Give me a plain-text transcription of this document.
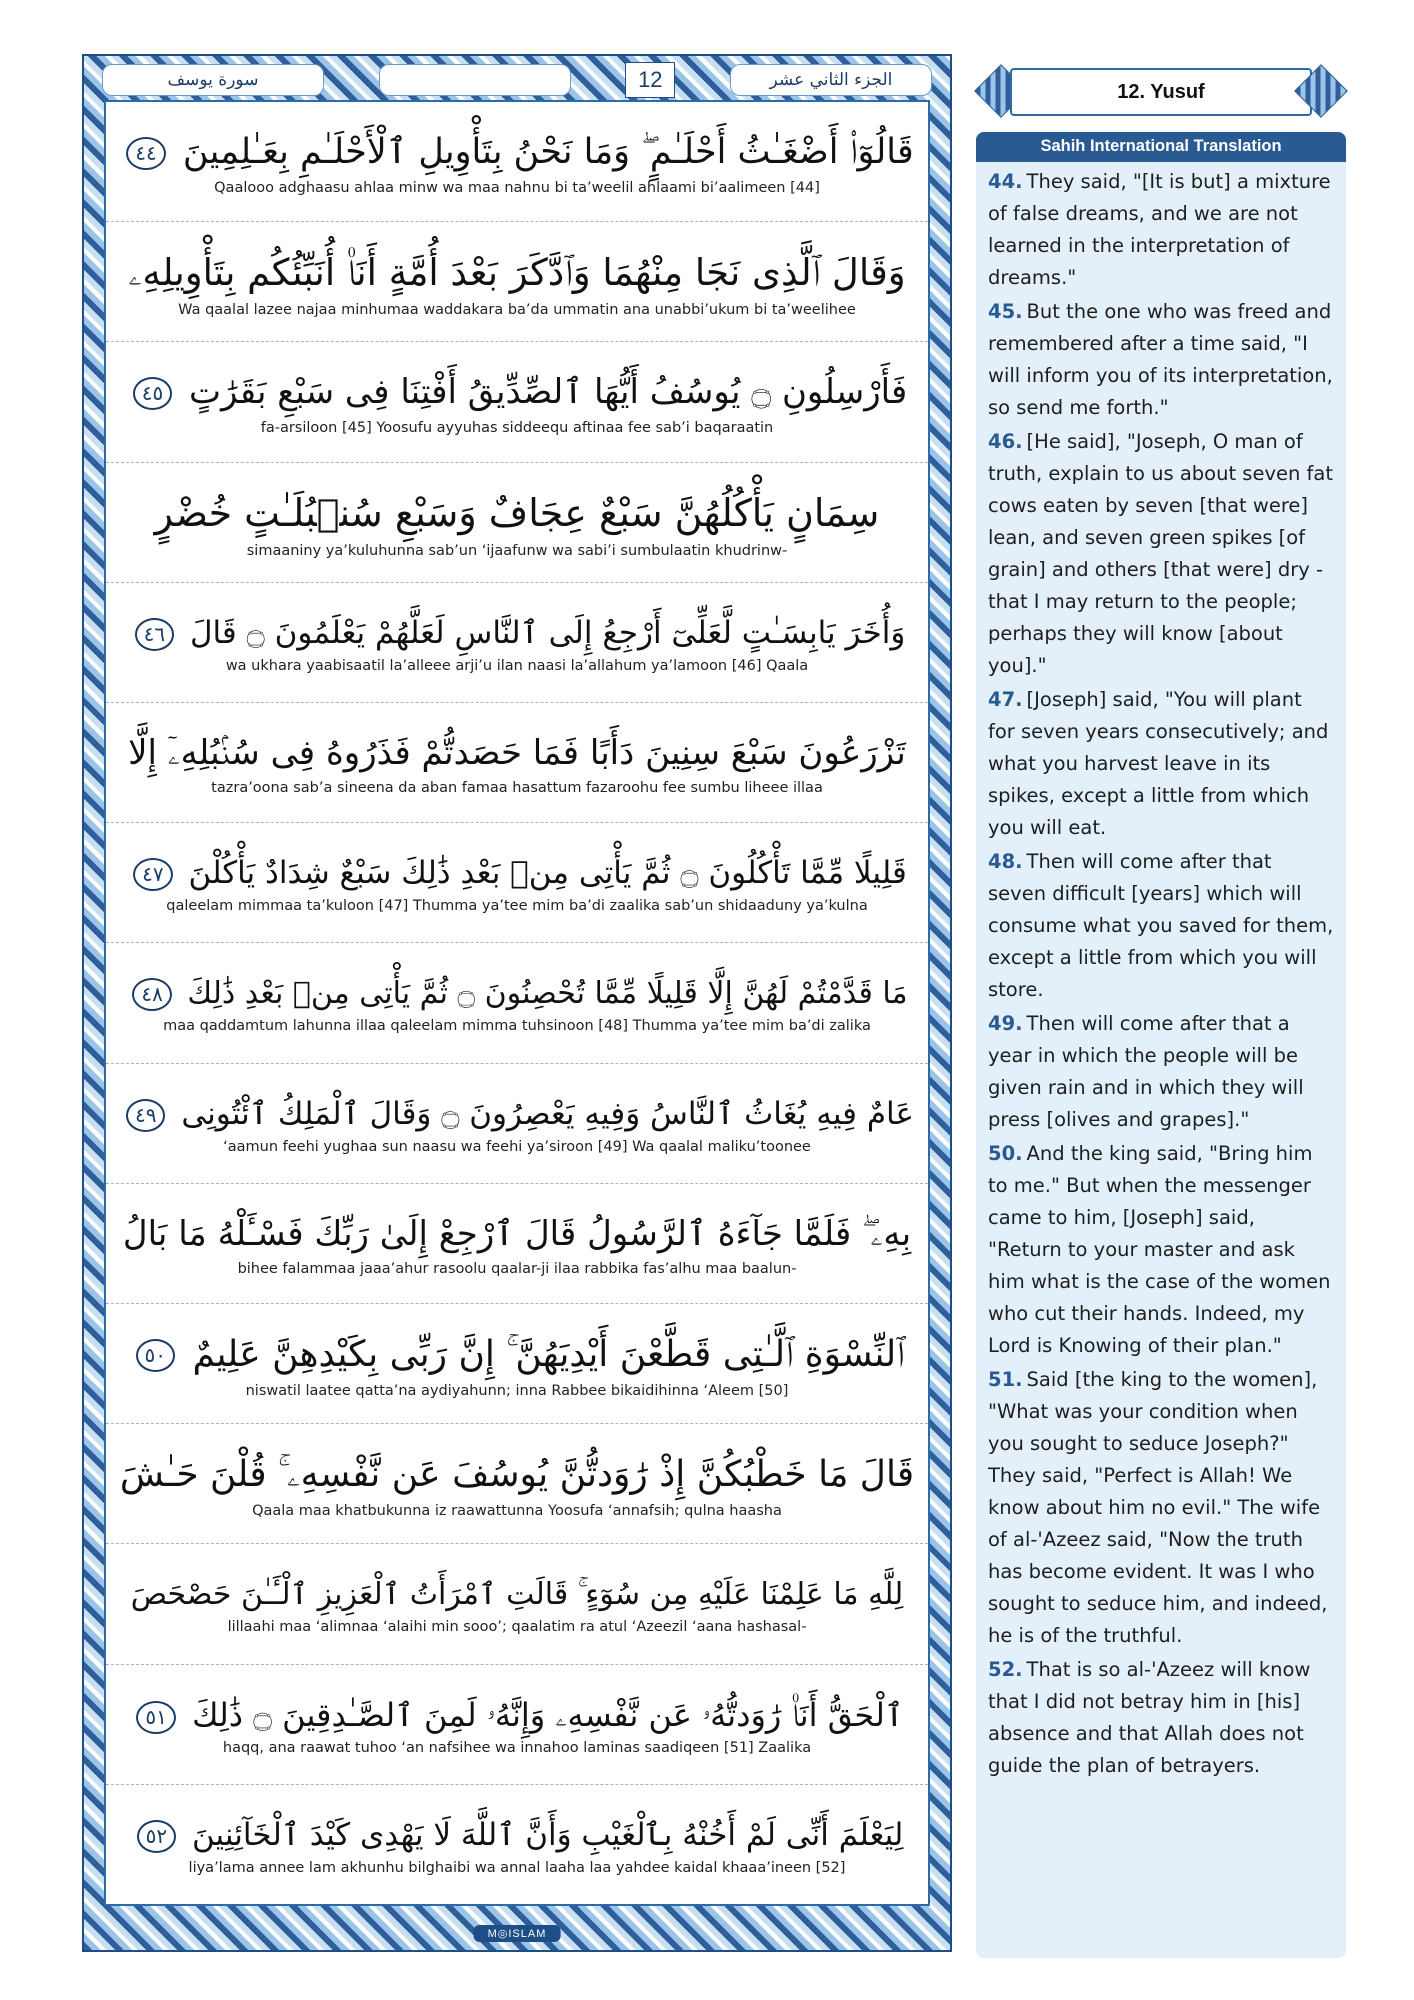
سورة يوسف	12	الجزء الثاني عشر
قَالُوٓا۟ أَضْغَـٰثُ أَحْلَـٰمٍ ۖ وَمَا نَحْنُ بِتَأْوِيلِ ٱلْأَحْلَـٰمِ بِعَـٰلِمِينَ ٤٤
Qaalooo adghaasu ahlaa minw wa maa nahnu bi ta’weelil ahlaami bi’aalimeen [44]
وَقَالَ ٱلَّذِى نَجَا مِنْهُمَا وَٱدَّكَرَ بَعْدَ أُمَّةٍ أَنَا۠ أُنَبِّئُكُم بِتَأْوِيلِهِۦ
Wa qaalal lazee najaa minhumaa waddakara ba’da ummatin ana unabbi’ukum bi ta’weelihee
فَأَرْسِلُونِ ۝ يُوسُفُ أَيُّهَا ٱلصِّدِّيقُ أَفْتِنَا فِى سَبْعِ بَقَرَٰتٍ ٤٥
fa-arsiloon [45] Yoosufu ayyuhas siddeequ aftinaa fee sab’i baqaraatin
سِمَانٍ يَأْكُلُهُنَّ سَبْعٌ عِجَافٌ وَسَبْعِ سُنۢبُلَـٰتٍ خُضْرٍ
simaaniny ya’kuluhunna sab’un ‘ijaafunw wa sabi’i sumbulaatin khudrinw-
وَأُخَرَ يَابِسَـٰتٍ لَّعَلِّىٓ أَرْجِعُ إِلَى ٱلنَّاسِ لَعَلَّهُمْ يَعْلَمُونَ ۝ قَالَ ٤٦
wa ukhara yaabisaatil la’alleee arji’u ilan naasi la’allahum ya’lamoon [46] Qaala
تَزْرَعُونَ سَبْعَ سِنِينَ دَأَبًا فَمَا حَصَدتُّمْ فَذَرُوهُ فِى سُنۢبُلِهِۦٓ إِلَّا
tazra’oona sab’a sineena da aban famaa hasattum fazaroohu fee sumbu liheee illaa
قَلِيلًا مِّمَّا تَأْكُلُونَ ۝ ثُمَّ يَأْتِى مِنۢ بَعْدِ ذَٰلِكَ سَبْعٌ شِدَادٌ يَأْكُلْنَ ٤٧
qaleelam mimmaa ta’kuloon [47] Thumma ya’tee mim ba’di zaalika sab’un shidaaduny ya’kulna
مَا قَدَّمْتُمْ لَهُنَّ إِلَّا قَلِيلًا مِّمَّا تُحْصِنُونَ ۝ ثُمَّ يَأْتِى مِنۢ بَعْدِ ذَٰلِكَ ٤٨
maa qaddamtum lahunna illaa qaleelam mimma tuhsinoon [48] Thumma ya’tee mim ba’di zalika
عَامٌ فِيهِ يُغَاثُ ٱلنَّاسُ وَفِيهِ يَعْصِرُونَ ۝ وَقَالَ ٱلْمَلِكُ ٱئْتُونِى ٤٩
‘aamun feehi yughaa sun naasu wa feehi ya’siroon [49] Wa qaalal maliku’toonee
بِهِۦ ۖ فَلَمَّا جَآءَهُ ٱلرَّسُولُ قَالَ ٱرْجِعْ إِلَىٰ رَبِّكَ فَسْـَٔلْهُ مَا بَالُ
bihee falammaa jaaa’ahur rasoolu qaalar-ji ilaa rabbika fas’alhu maa baalun-
ٱلنِّسْوَةِ ٱلَّـٰتِى قَطَّعْنَ أَيْدِيَهُنَّ ۚ إِنَّ رَبِّى بِكَيْدِهِنَّ عَلِيمٌ ٥٠
niswatil laatee qatta’na aydiyahunn; inna Rabbee bikaidihinna ‘Aleem [50]
قَالَ مَا خَطْبُكُنَّ إِذْ رَٰوَدتُّنَّ يُوسُفَ عَن نَّفْسِهِۦ ۚ قُلْنَ حَـٰشَ
Qaala maa khatbukunna iz raawattunna Yoosufa ‘annafsih; qulna haasha
لِلَّهِ مَا عَلِمْنَا عَلَيْهِ مِن سُوٓءٍ ۚ قَالَتِ ٱمْرَأَتُ ٱلْعَزِيزِ ٱلْـَٔـٰنَ حَصْحَصَ
lillaahi maa ‘alimnaa ‘alaihi min sooo’; qaalatim ra atul ‘Azeezil ‘aana hashasal-
ٱلْحَقُّ أَنَا۠ رَٰوَدتُّهُۥ عَن نَّفْسِهِۦ وَإِنَّهُۥ لَمِنَ ٱلصَّـٰدِقِينَ ۝ ذَٰلِكَ ٥١
haqq, ana raawat tuhoo ‘an nafsihee wa innahoo laminas saadiqeen [51] Zaalika
لِيَعْلَمَ أَنِّى لَمْ أَخُنْهُ بِٱلْغَيْبِ وَأَنَّ ٱللَّهَ لَا يَهْدِى كَيْدَ ٱلْخَآئِنِينَ ٥٢
liya’lama annee lam akhunhu bilghaibi wa annal laaha laa yahdee kaidal khaaa’ineen [52]
M◎ISLAM
12. Yusuf
Sahih International Translation
44. They said, "[It is but] a mixture of false dreams, and we are not learned in the interpretation of dreams."
45. But the one who was freed and remembered after a time said, "I will inform you of its interpretation, so send me forth."
46. [He said], "Joseph, O man of truth, explain to us about seven fat cows eaten by seven [that were] lean, and seven green spikes [of grain] and others [that were] dry - that I may return to the people; perhaps they will know [about you]."
47. [Joseph] said, "You will plant for seven years consecutively; and what you harvest leave in its spikes, except a little from which you will eat.
48. Then will come after that seven difficult [years] which will consume what you saved for them, except a little from which you will store.
49. Then will come after that a year in which the people will be given rain and in which they will press [olives and grapes]."
50. And the king said, "Bring him to me." But when the messenger came to him, [Joseph] said, "Return to your master and ask him what is the case of the women who cut their hands. Indeed, my Lord is Knowing of their plan."
51. Said [the king to the women], "What was your condition when you sought to seduce Joseph?" They said, "Perfect is Allah! We know about him no evil." The wife of al-'Azeez said, "Now the truth has become evident. It was I who sought to seduce him, and indeed, he is of the truthful.
52. That is so al-'Azeez will know that I did not betray him in [his] absence and that Allah does not guide the plan of betrayers.
